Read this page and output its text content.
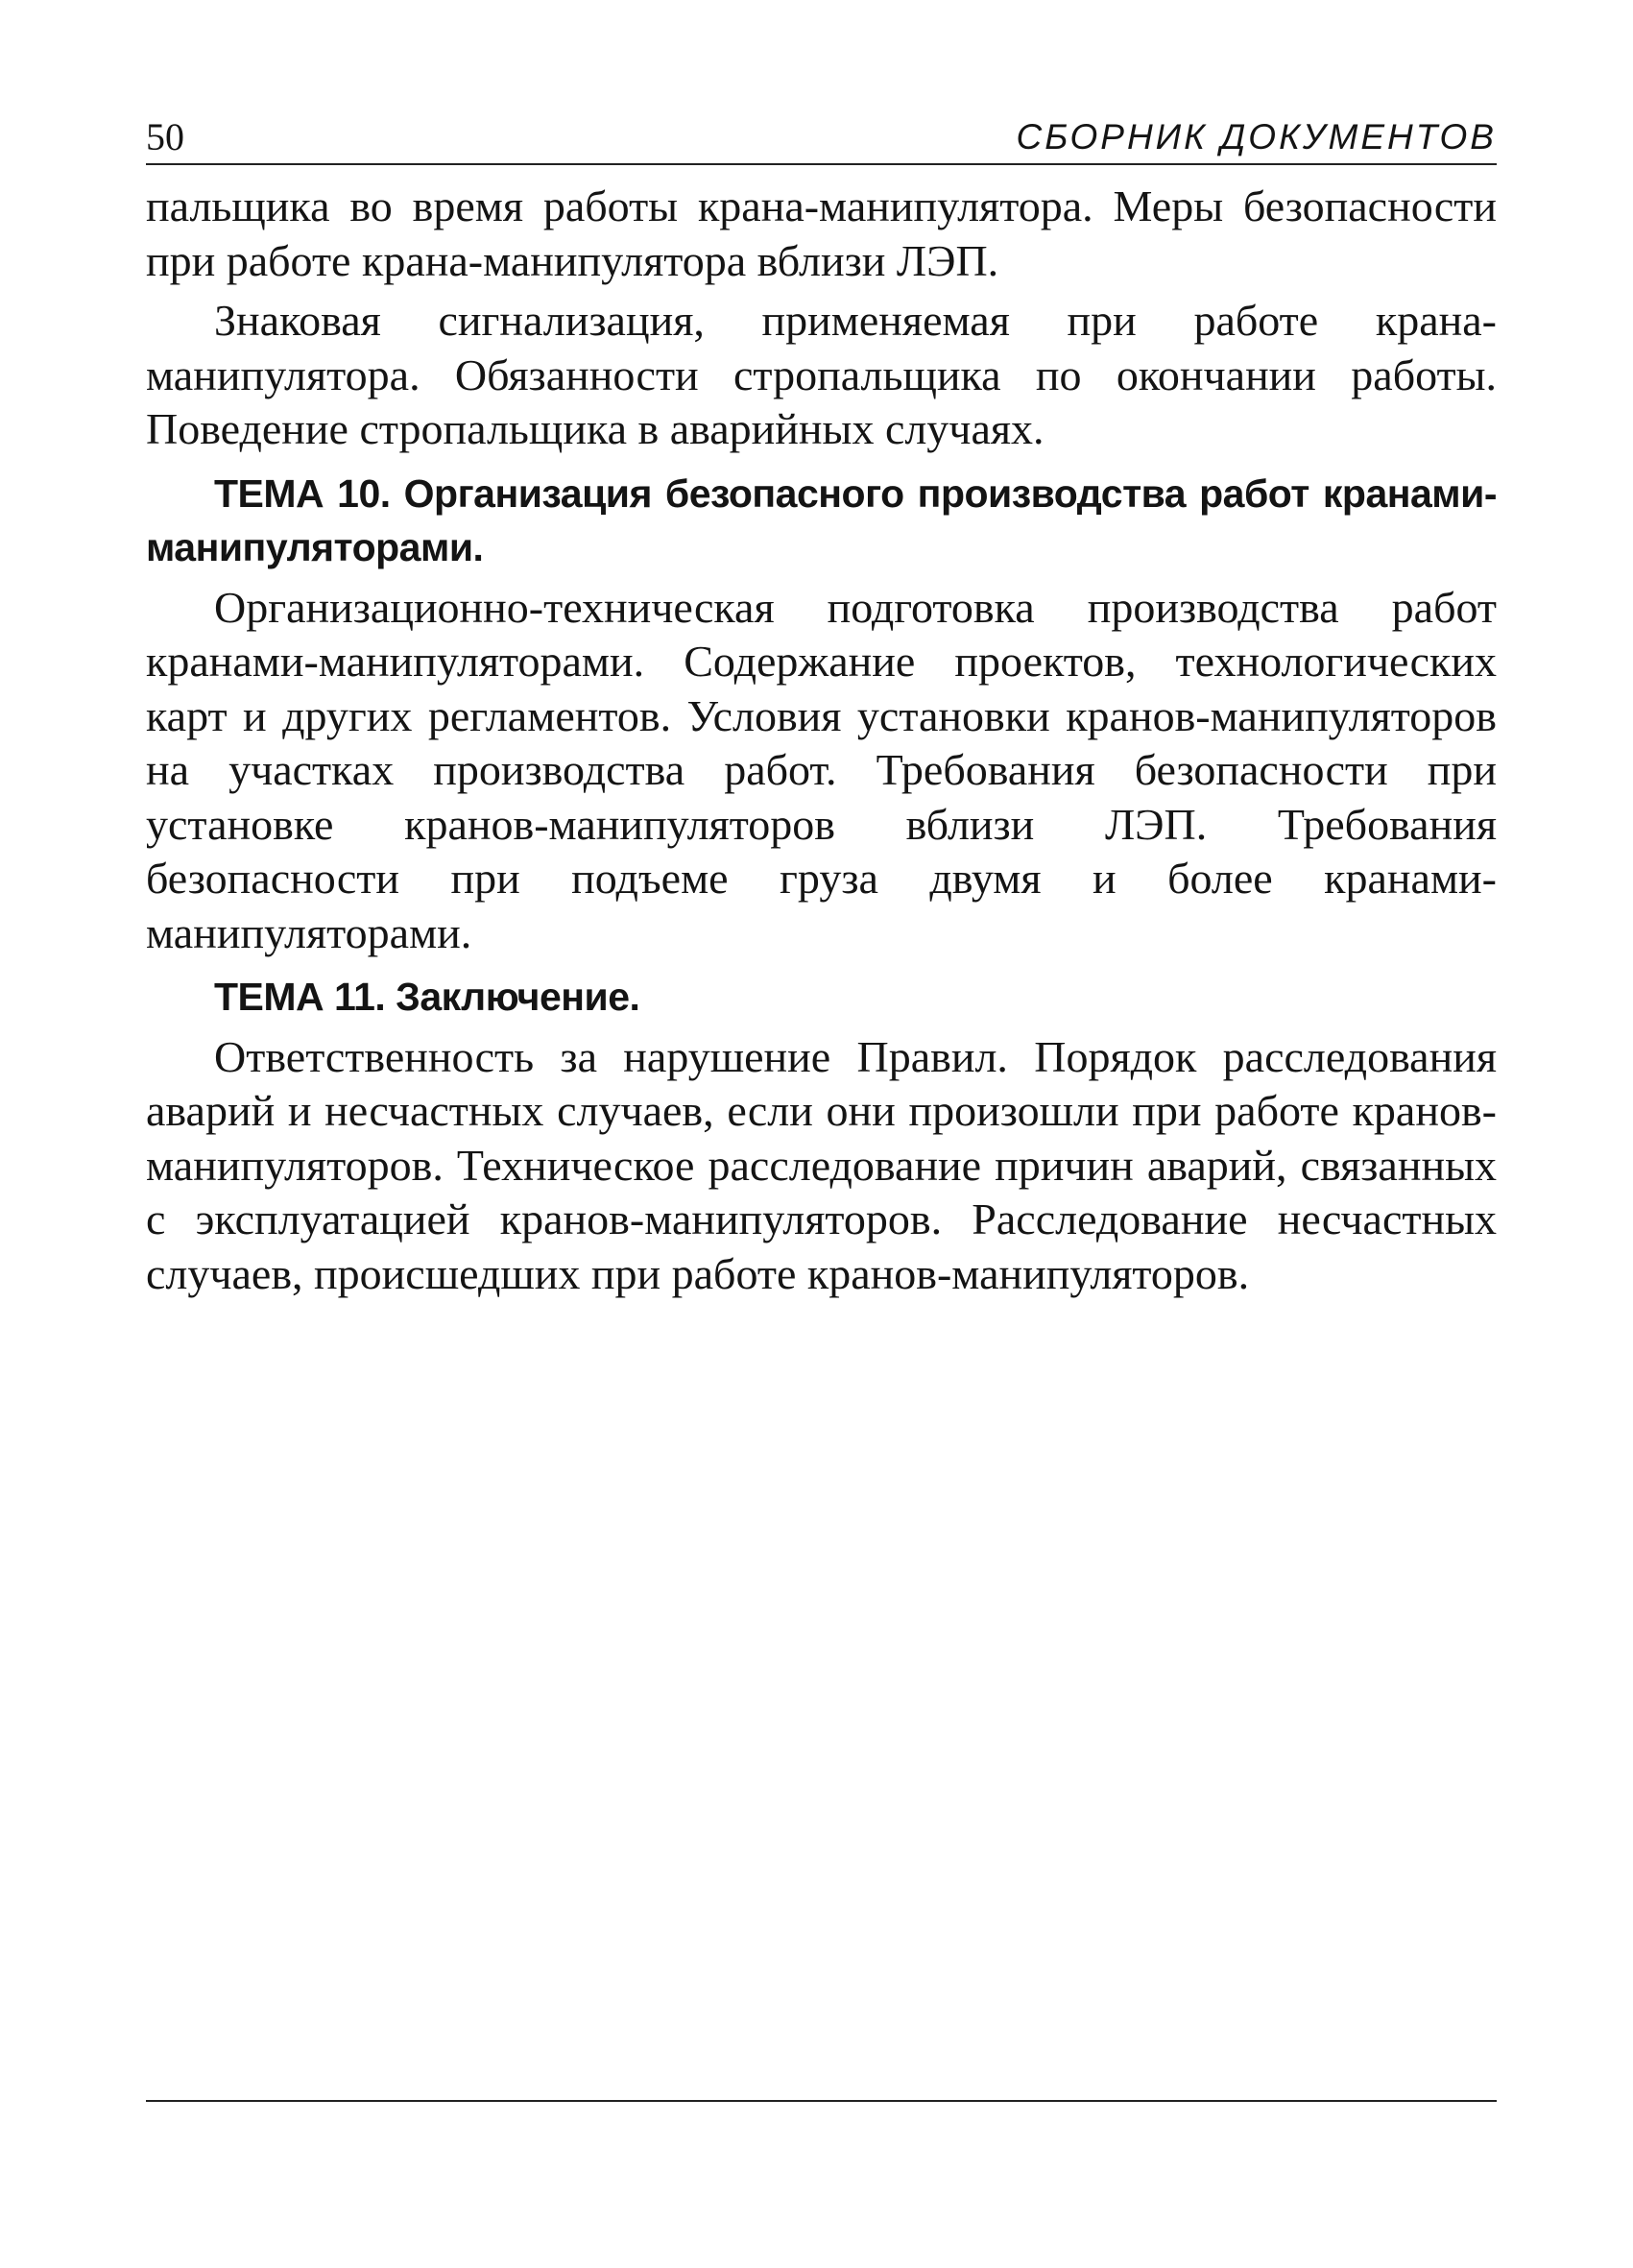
50	СБОРНИК ДОКУМЕНТОВ

пальщика во время работы крана-манипулятора. Меры безопасности при работе крана-манипулятора вблизи ЛЭП.

Знаковая сигнализация, применяемая при работе крана-манипулятора. Обязанности стропальщика по окончании работы. Поведение стропальщика в аварийных случаях.

ТЕМА 10. Организация безопасного производства работ кранами-манипуляторами.

Организационно-техническая подготовка производства работ кранами-манипуляторами. Содержание проектов, технологических карт и других регламентов. Условия установки кранов-манипуляторов на участках производства работ. Требования безопасности при установке кранов-манипуляторов вблизи ЛЭП. Требования безопасности при подъеме груза двумя и более кранами-манипуляторами.

ТЕМА 11. Заключение.

Ответственность за нарушение Правил. Порядок расследования аварий и несчастных случаев, если они произошли при работе кранов-манипуляторов. Техническое расследование причин аварий, связанных с эксплуатацией кранов-манипуляторов. Расследование несчастных случаев, происшедших при работе кранов-манипуляторов.
